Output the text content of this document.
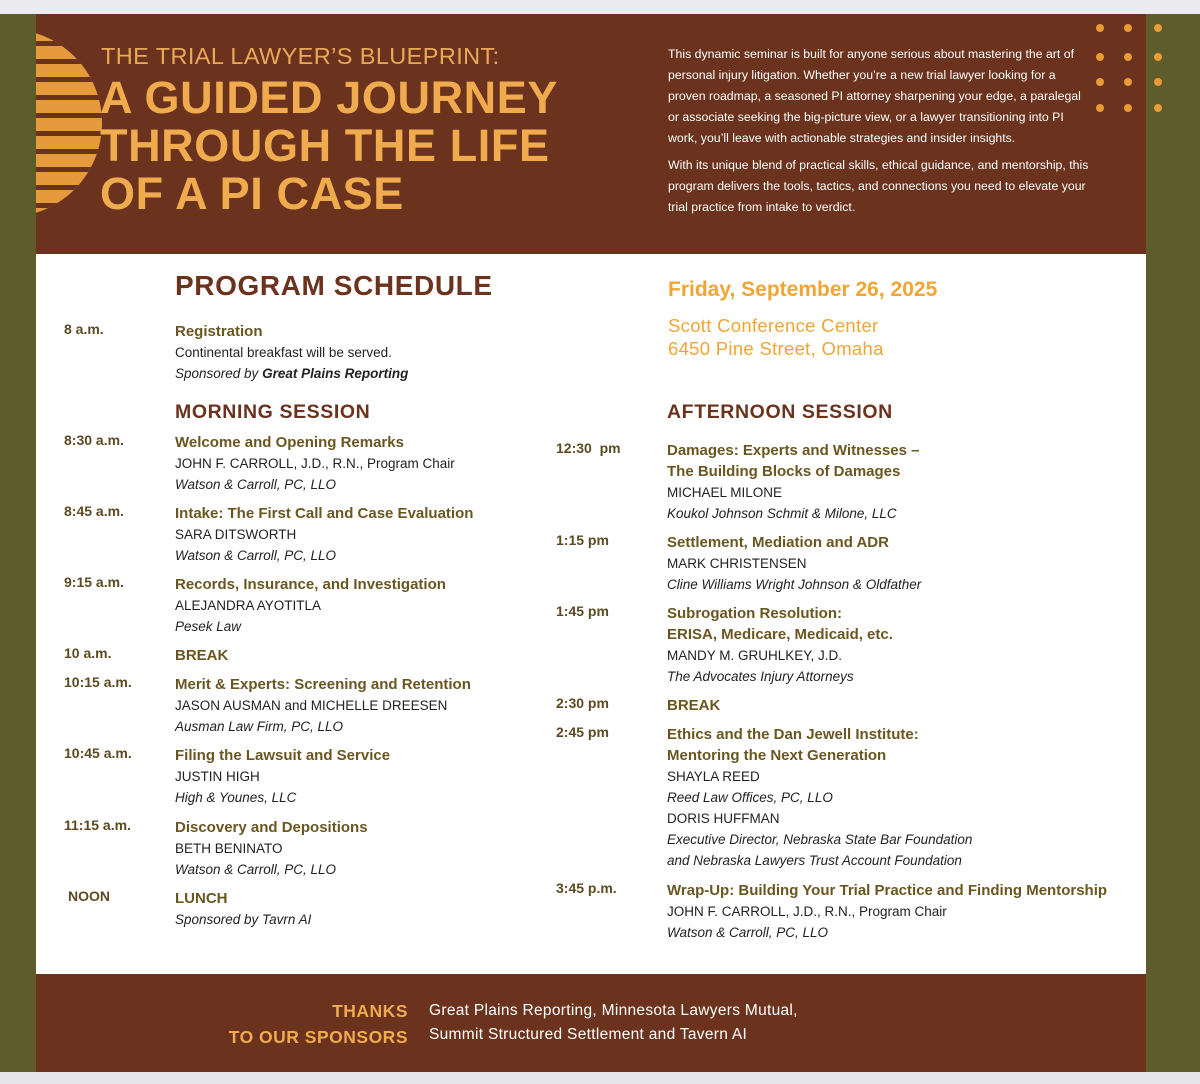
THE TRIAL LAWYER’S BLUEPRINT:
A GUIDED JOURNEY
THROUGH THE LIFE
OF A PI CASE

This dynamic seminar is built for anyone serious about mastering the art of personal injury litigation. Whether you’re a new trial lawyer looking for a proven roadmap, a seasoned PI attorney sharpening your edge, a paralegal or associate seeking the big-picture view, or a lawyer transitioning into PI work, you’ll leave with actionable strategies and insider insights.

With its unique blend of practical skills, ethical guidance, and mentorship, this program delivers the tools, tactics, and connections you need to elevate your trial practice from intake to verdict.

PROGRAM SCHEDULE	Friday, September 26, 2025
Scott Conference Center
6450 Pine Street, Omaha
8 a.m.	Registration
Continental breakfast will be served.
Sponsored by Great Plains Reporting
MORNING SESSION	AFTERNOON SESSION
8:30 a.m.	Welcome and Opening Remarks
JOHN F. CARROLL, J.D., R.N., Program Chair
Watson & Carroll, PC, LLO
8:45 a.m.	Intake: The First Call and Case Evaluation
SARA DITSWORTH
Watson & Carroll, PC, LLO
9:15 a.m.	Records, Insurance, and Investigation
ALEJANDRA AYOTITLA
Pesek Law
10 a.m.	BREAK
10:15 a.m.	Merit & Experts: Screening and Retention
JASON AUSMAN and MICHELLE DREESEN
Ausman Law Firm, PC, LLO
10:45 a.m.	Filing the Lawsuit and Service
JUSTIN HIGH
High & Younes, LLC
11:15 a.m.	Discovery and Depositions
BETH BENINATO
Watson & Carroll, PC, LLO
NOON	LUNCH
Sponsored by Tavrn AI
12:30  pm	Damages: Experts and Witnesses –
The Building Blocks of Damages
MICHAEL MILONE
Koukol Johnson Schmit & Milone, LLC
1:15 pm	Settlement, Mediation and ADR
MARK CHRISTENSEN
Cline Williams Wright Johnson & Oldfather
1:45 pm	Subrogation Resolution:
ERISA, Medicare, Medicaid, etc.
MANDY M. GRUHLKEY, J.D.
The Advocates Injury Attorneys
2:30 pm	BREAK
2:45 pm	Ethics and the Dan Jewell Institute:
Mentoring the Next Generation
SHAYLA REED
Reed Law Offices, PC, LLO
DORIS HUFFMAN
Executive Director, Nebraska State Bar Foundation
and Nebraska Lawyers Trust Account Foundation
3:45 p.m.	Wrap-Up: Building Your Trial Practice and Finding Mentorship
JOHN F. CARROLL, J.D., R.N., Program Chair
Watson & Carroll, PC, LLO
THANKS
TO OUR SPONSORS
Great Plains Reporting, Minnesota Lawyers Mutual,
Summit Structured Settlement and Tavern AI
